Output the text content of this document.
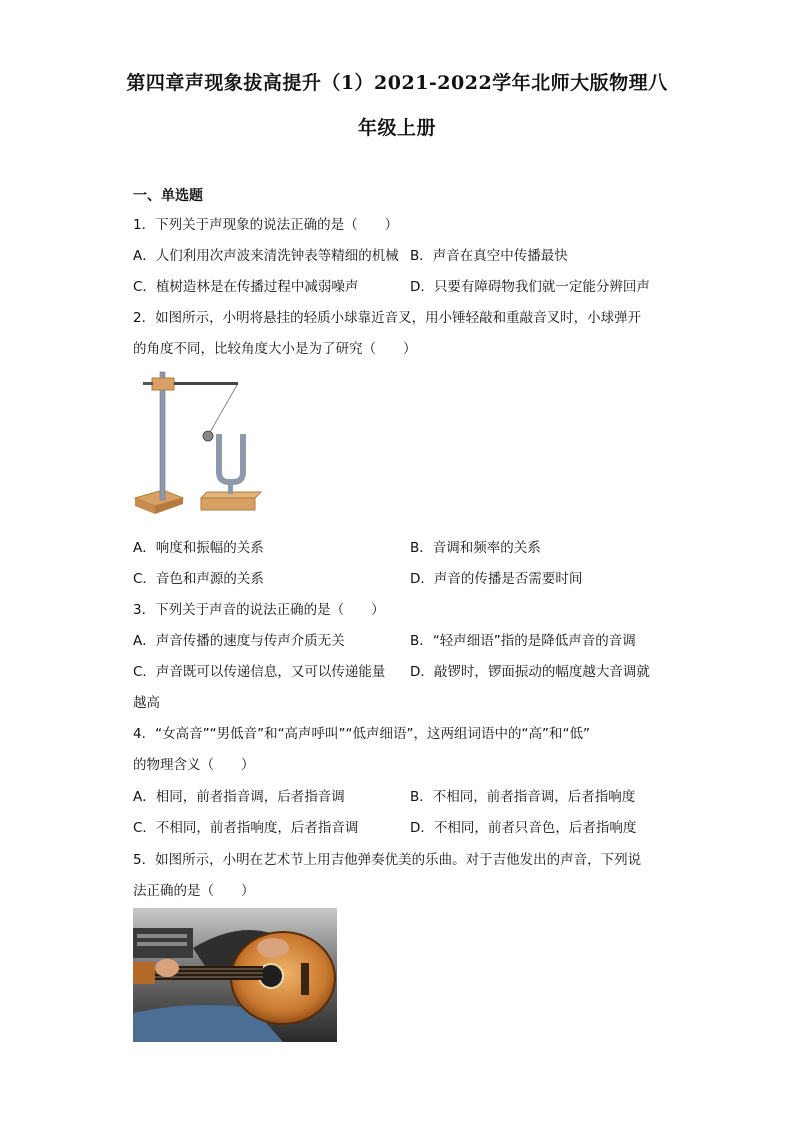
第四章声现象拔高提升（1）2021-2022学年北师大版物理八
年级上册
一、单选题
1．下列关于声现象的说法正确的是（　　）
A．人们利用次声波来清洗钟表等精细的机械 B．声音在真空中传播最快
C．植树造林是在传播过程中减弱噪声	D．只要有障碍物我们就一定能分辨回声
2．如图所示，小明将悬挂的轻质小球靠近音叉，用小锤轻敲和重敲音叉时，小球弹开
的角度不同，比较角度大小是为了研究（　　）
A．响度和振幅的关系	B．音调和频率的关系
C．音色和声源的关系	D．声音的传播是否需要时间
3．下列关于声音的说法正确的是（　　）
A．声音传播的速度与传声介质无关	B．“轻声细语”指的是降低声音的音调
C．声音既可以传递信息，又可以传递能量 D．敲锣时，锣面振动的幅度越大音调就
越高
4．“女高音”“男低音”和“高声呼叫”“低声细语”，这两组词语中的“高”和“低”
的物理含义（　　）
A．相同，前者指音调，后者指音调	B．不相同，前者指音调，后者指响度
C．不相同，前者指响度，后者指音调	D．不相同，前者只音色，后者指响度
5．如图所示，小明在艺术节上用吉他弹奏优美的乐曲。对于吉他发出的声音，下列说
法正确的是（　　）
